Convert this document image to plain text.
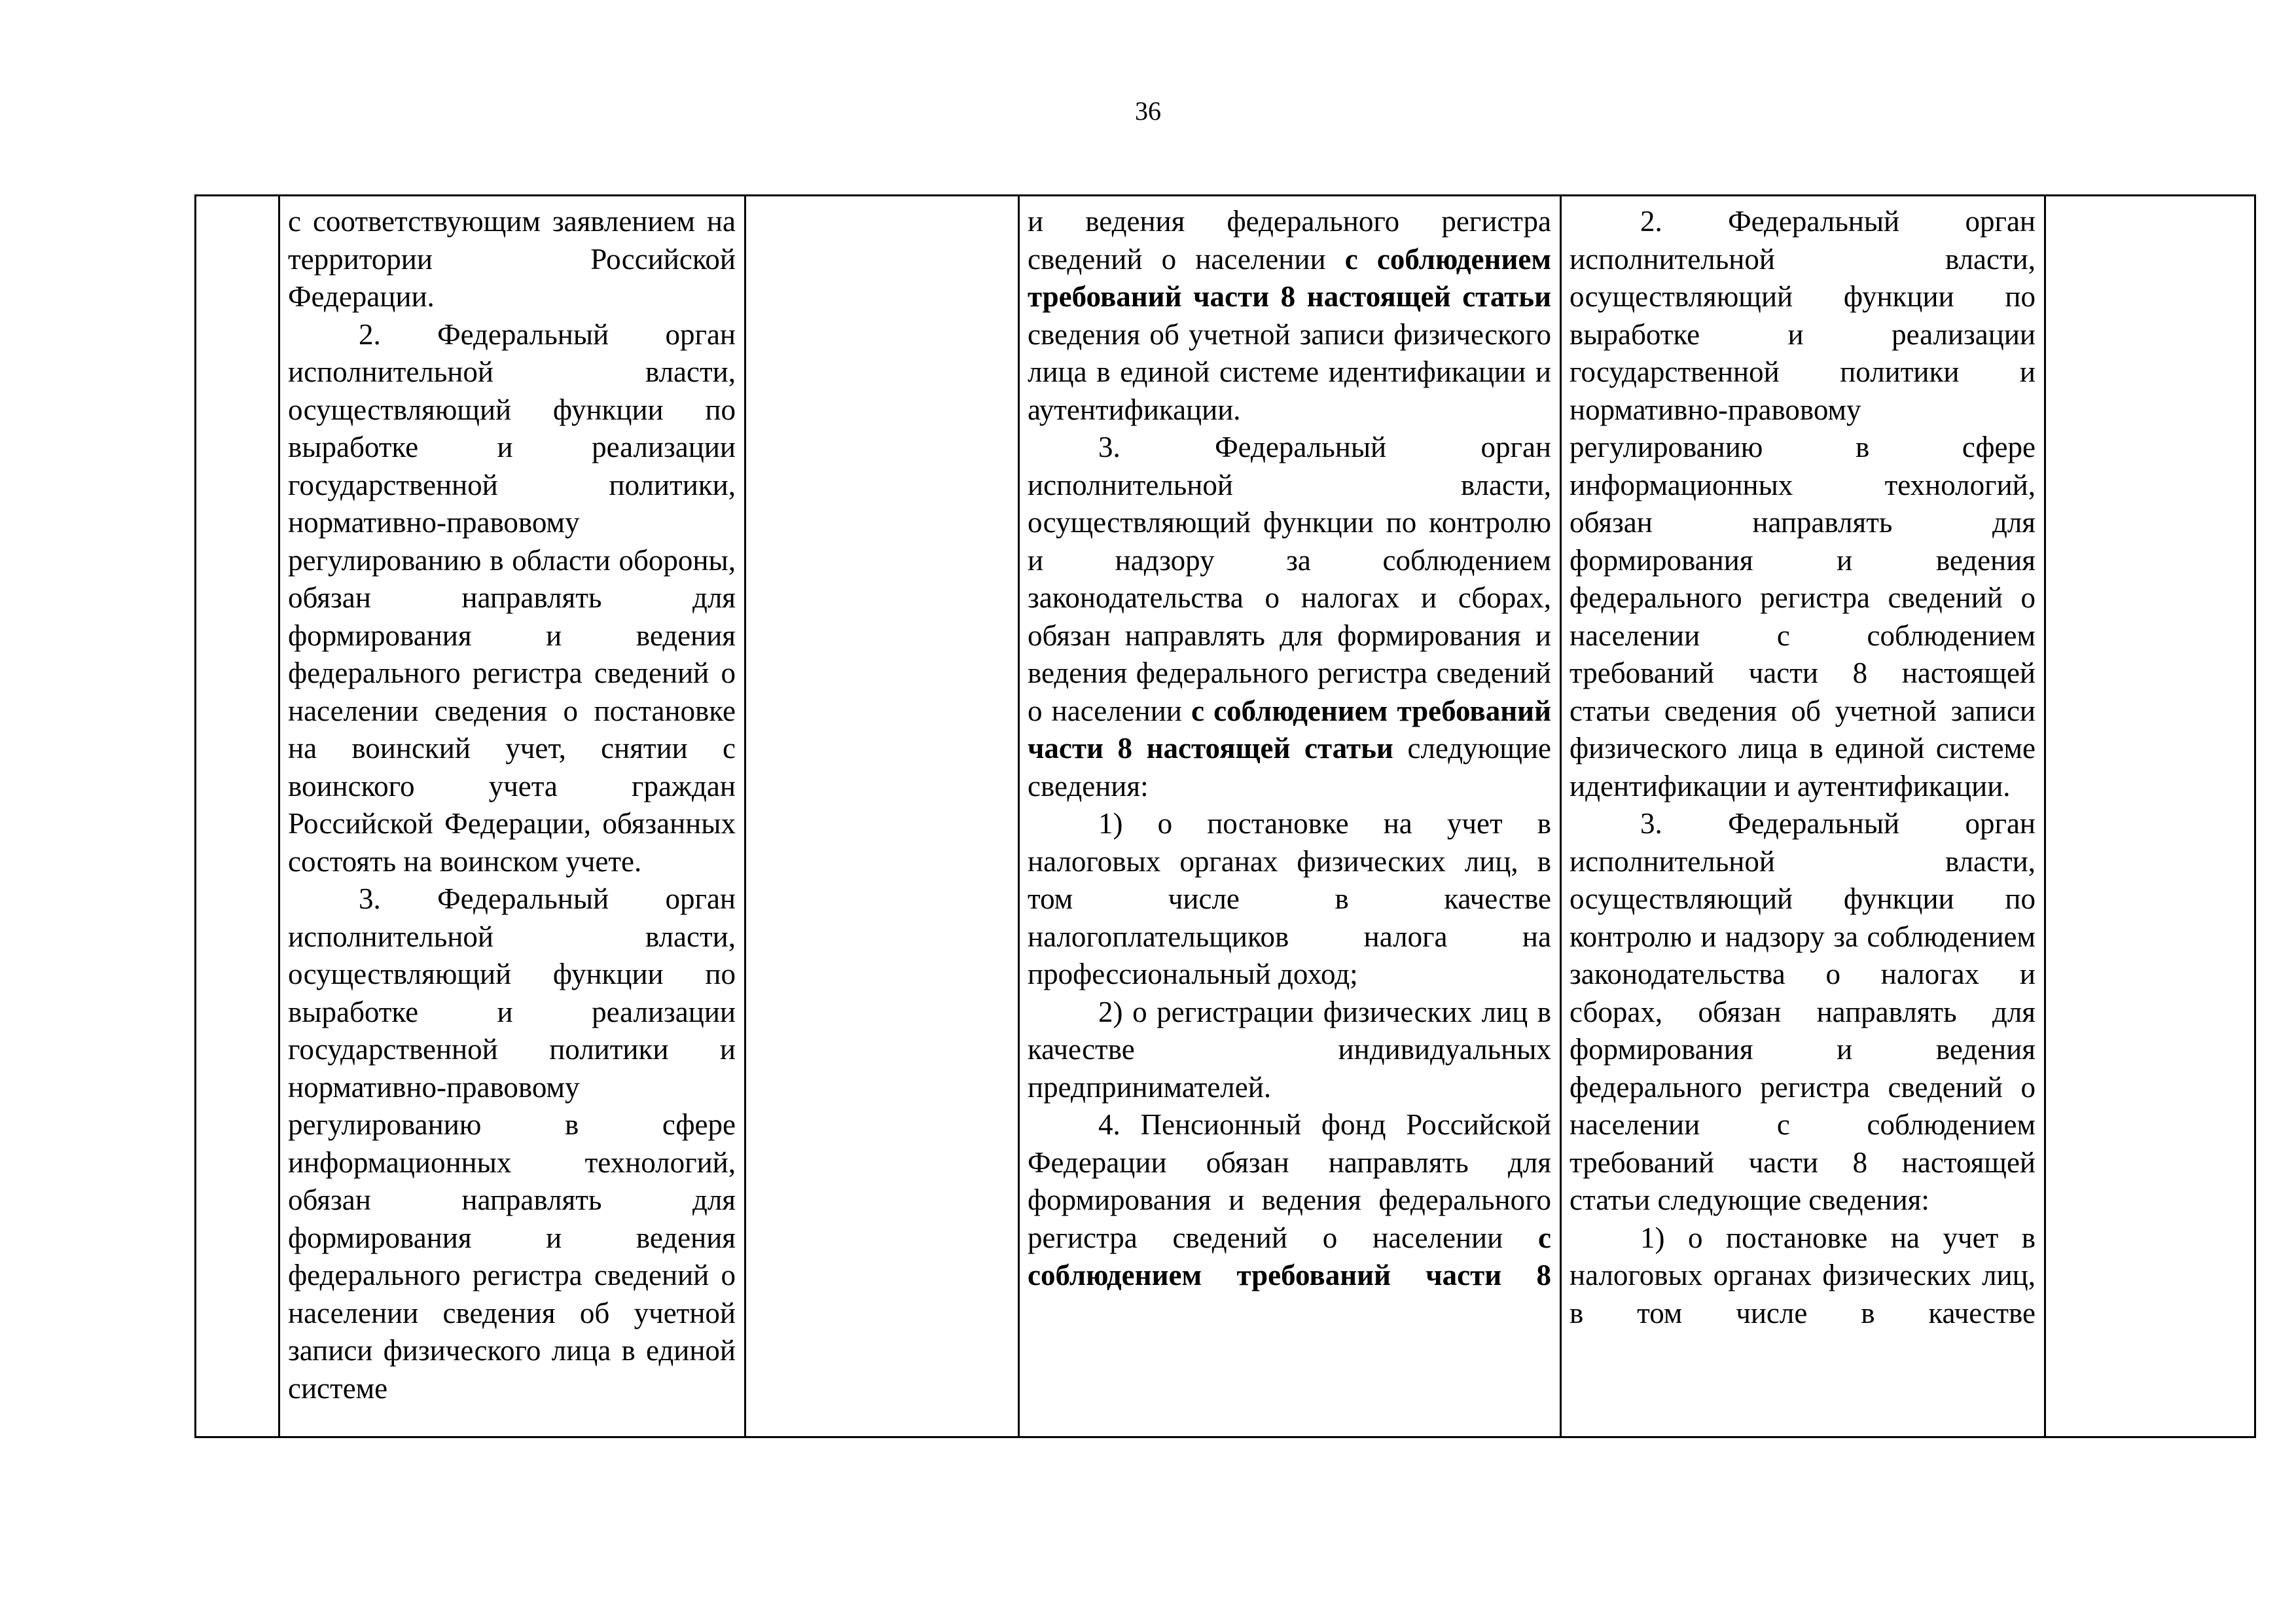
36

с соответствующим заявлением на территории Российской Федерации.

2. Федеральный орган исполнительной власти, осуществляющий функции по выработке и реализации государственной политики, нормативно-правовому регулированию в области обороны, обязан направлять для формирования и ведения федерального регистра сведений о населении сведения о постановке на воинский учет, снятии с воинского учета граждан Российской Федерации, обязанных состоять на воинском учете.

3. Федеральный орган исполнительной власти, осуществляющий функции по выработке и реализации государственной политики и нормативно-правовому регулированию в сфере информационных технологий, обязан направлять для формирования и ведения федерального регистра сведений о населении сведения об учетной записи физического лица в единой системе

и ведения федерального регистра сведений о населении с соблюдением требований части 8 настоящей статьи сведения об учетной записи физического лица в единой системе идентификации и аутентификации.

3. Федеральный орган исполнительной власти, осуществляющий функции по контролю и надзору за соблюдением законодательства о налогах и сборах, обязан направлять для формирования и ведения федерального регистра сведений о населении с соблюдением требований части 8 настоящей статьи следующие сведения:

1) о постановке на учет в налоговых органах физических лиц, в том числе в качестве налогоплательщиков налога на профессиональный доход;

2) о регистрации физических лиц в качестве индивидуальных предпринимателей.

4. Пенсионный фонд Российской Федерации обязан направлять для формирования и ведения федерального регистра сведений о населении с соблюдением требований части 8

2. Федеральный орган исполнительной власти, осуществляющий функции по выработке и реализации государственной политики и нормативно-правовому регулированию в сфере информационных технологий, обязан направлять для формирования и ведения федерального регистра сведений о населении с соблюдением требований части 8 настоящей статьи сведения об учетной записи физического лица в единой системе идентификации и аутентификации.

3. Федеральный орган исполнительной власти, осуществляющий функции по контролю и надзору за соблюдением законодательства о налогах и сборах, обязан направлять для формирования и ведения федерального регистра сведений о населении с соблюдением требований части 8 настоящей статьи следующие сведения:

1) о постановке на учет в налоговых органах физических лиц, в том числе в качестве
